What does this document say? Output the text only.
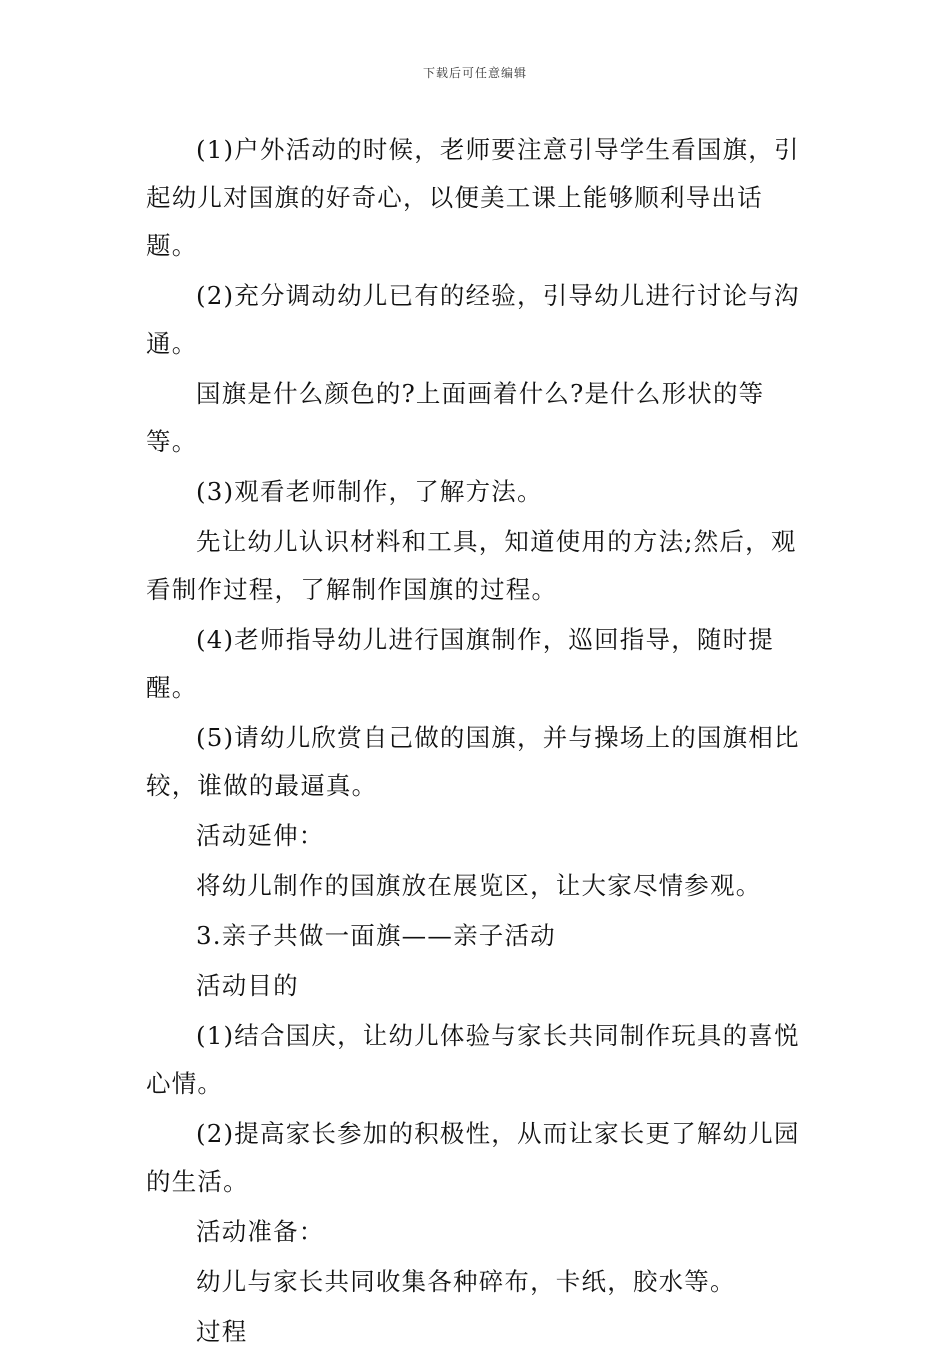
下载后可任意编辑

(1)户外活动的时候，老师要注意引导学生看国旗，引起幼儿对国旗的好奇心，以便美工课上能够顺利导出话题。

(2)充分调动幼儿已有的经验，引导幼儿进行讨论与沟通。

国旗是什么颜色的?上面画着什么?是什么形状的等等。

(3)观看老师制作，了解方法。

先让幼儿认识材料和工具，知道使用的方法;然后，观看制作过程，了解制作国旗的过程。

(4)老师指导幼儿进行国旗制作，巡回指导，随时提醒。

(5)请幼儿欣赏自己做的国旗，并与操场上的国旗相比较，谁做的最逼真。

活动延伸：

将幼儿制作的国旗放在展览区，让大家尽情参观。

3.亲子共做一面旗——亲子活动

活动目的

(1)结合国庆，让幼儿体验与家长共同制作玩具的喜悦心情。

(2)提高家长参加的积极性，从而让家长更了解幼儿园的生活。

活动准备：

幼儿与家长共同收集各种碎布，卡纸，胶水等。

过程
